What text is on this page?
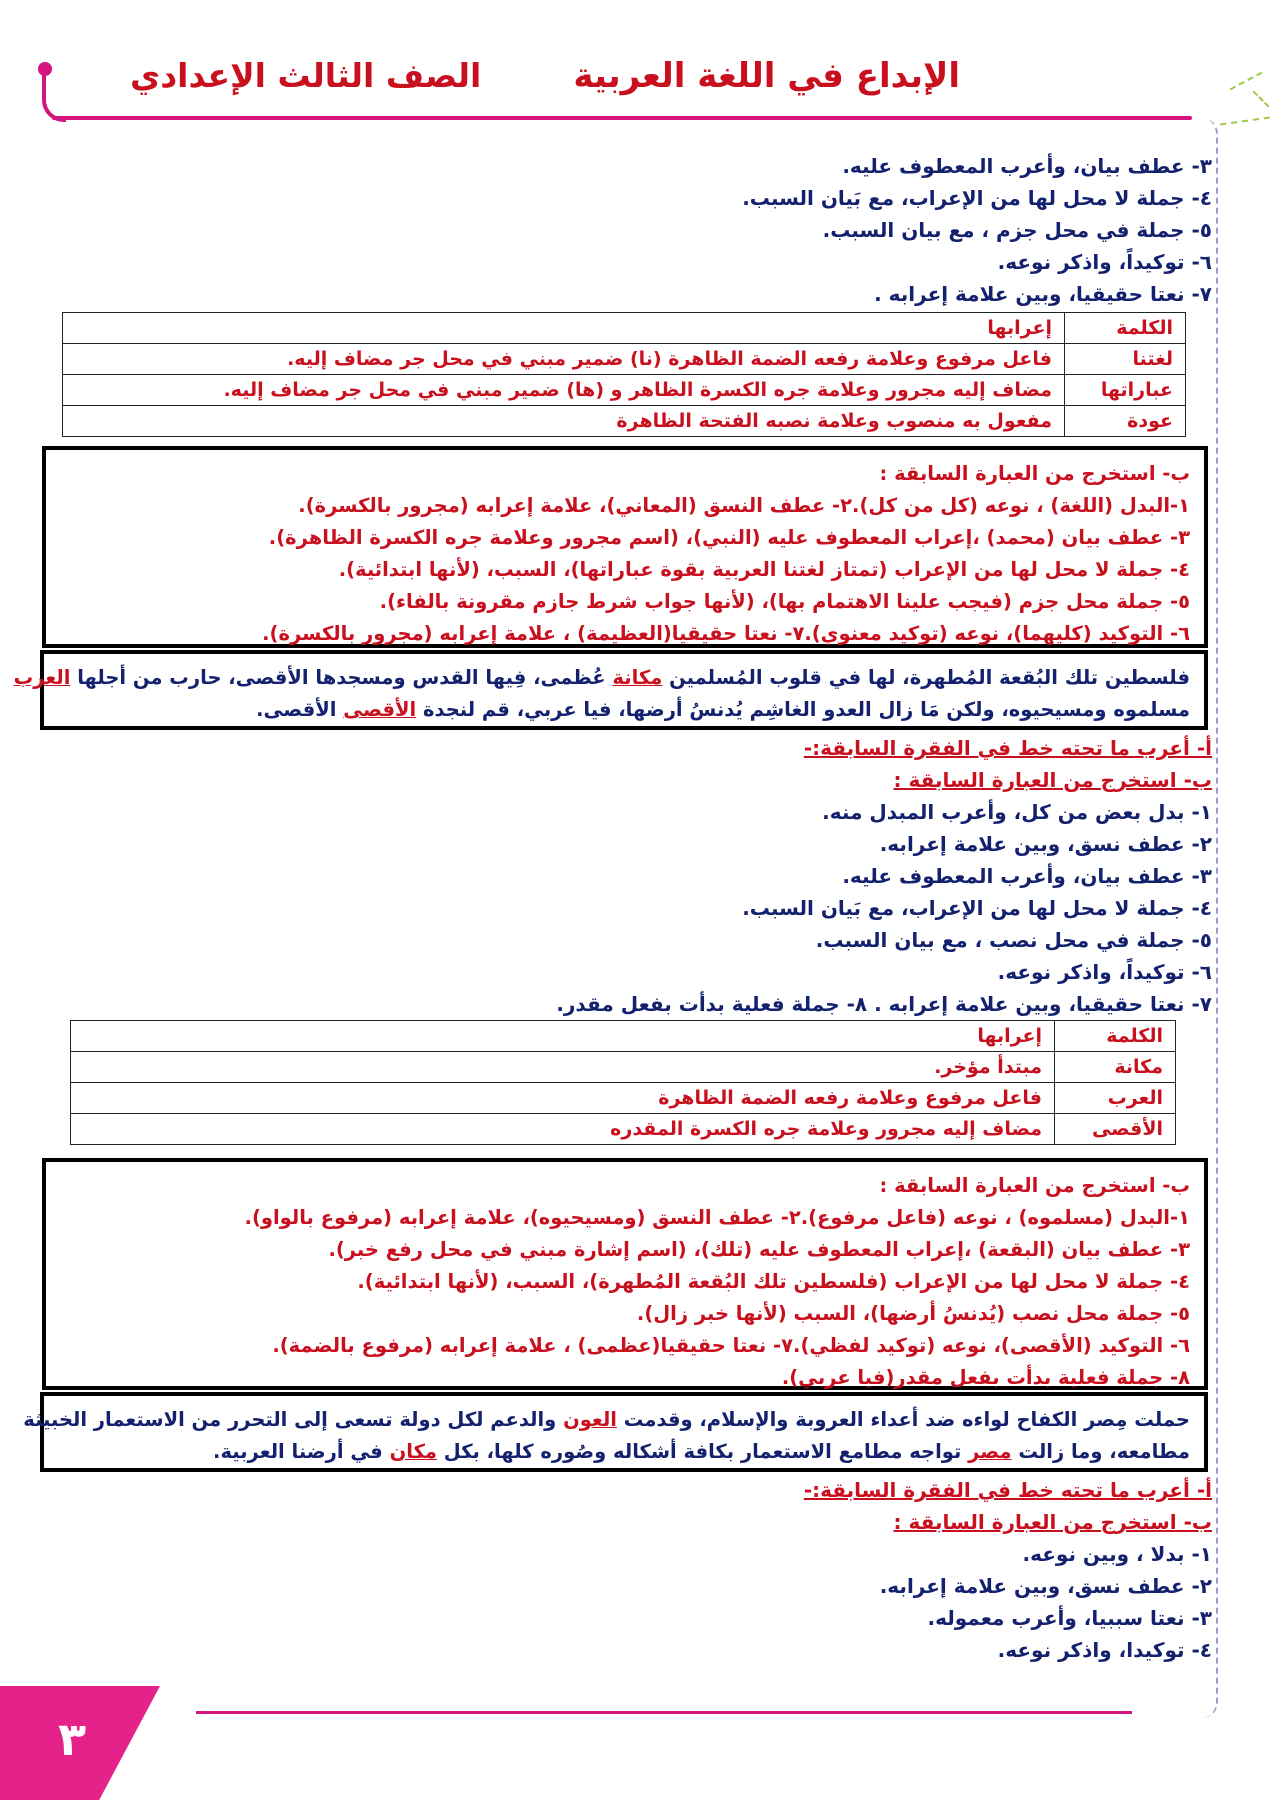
الإبداع في اللغة العربية
الصف الثالث الإعدادي
٣- عطف بيان، وأعرب المعطوف عليه.
٤- جملة لا محل لها من الإعراب، مع بَيان السبب.
٥- جملة في محل جزم ، مع بيان السبب.
٦- توكيداً، واذكر نوعه.
٧- نعتا حقيقيا، وبين علامة إعرابه .
الكلمة	إعرابها
لغتنا	فاعل مرفوع وعلامة رفعه الضمة الظاهرة (نا) ضمير مبني في محل جر مضاف إليه.
عباراتها	مضاف إليه مجرور وعلامة جره الكسرة الظاهر و (ها) ضمير مبني في محل جر مضاف إليه.
عودة	مفعول به منصوب وعلامة نصبه الفتحة الظاهرة
ب- استخرج من العبارة السابقة :
١-البدل (اللغة) ، نوعه (كل من كل).٢- عطف النسق (المعاني)، علامة إعرابه (مجرور بالكسرة).
٣- عطف بيان (محمد) ،إعراب المعطوف عليه (النبي)، (اسم مجرور وعلامة جره الكسرة الظاهرة).
٤- جملة لا محل لها من الإعراب (تمتاز لغتنا العربية بقوة عباراتها)، السبب، (لأنها ابتدائية).
٥- جملة محل جزم (فيجب علينا الاهتمام بها)، (لأنها جواب شرط جازم مقرونة بالفاء).
٦- التوكيد (كليهما)، نوعه (توكيد معنوي).٧- نعتا حقيقيا(العظيمة) ، علامة إعرابه (مجرور بالكسرة).
فلسطين تلك البُقعة المُطهرة، لها في قلوب المُسلمين مكانة عُظمى، فِيها القدس ومسجدها الأقصى، حارب من أجلها العرب
مسلموه ومسيحيوه، ولكن مَا زال العدو الغاشِم يُدنسُ أرضها، فيا عربي، قم لنجدة الأقصى الأقصى.
أ- أعرب ما تحته خط في الفقرة السابقة:-
ب- استخرج من العبارة السابقة :
١- بدل بعض من كل، وأعرب المبدل منه.
٢- عطف نسق، وبين علامة إعرابه.
٣- عطف بيان، وأعرب المعطوف عليه.
٤- جملة لا محل لها من الإعراب، مع بَيان السبب.
٥- جملة في محل نصب ، مع بيان السبب.
٦- توكيداً، واذكر نوعه.
٧- نعتا حقيقيا، وبين علامة إعرابه . ٨- جملة فعلية بدأت بفعل مقدر.
الكلمة	إعرابها
مكانة	مبتدأ مؤخر.
العرب	فاعل مرفوع وعلامة رفعه الضمة الظاهرة
الأقصى	مضاف إليه مجرور وعلامة جره الكسرة المقدره
ب- استخرج من العبارة السابقة :
١-البدل (مسلموه) ، نوعه (فاعل مرفوع).٢- عطف النسق (ومسيحيوه)، علامة إعرابه (مرفوع بالواو).
٣- عطف بيان (البقعة) ،إعراب المعطوف عليه (تلك)، (اسم إشارة مبني في محل رفع خبر).
٤- جملة لا محل لها من الإعراب (فلسطين تلك البُقعة المُطهرة)، السبب، (لأنها ابتدائية).
٥- جملة محل نصب (يُدنسُ أرضها)، السبب (لأنها خبر زال).
٦- التوكيد (الأقصى)، نوعه (توكيد لفظي).٧- نعتا حقيقيا(عظمى) ، علامة إعرابه (مرفوع بالضمة).
٨- جملة فعلية بدأت بفعل مقدر(فيا عربي).
حملت مِصر الكفاح لواءه ضد أعداء العروبة والإسلام، وقدمت العون والدعم لكل دولة تسعى إلى التحرر من الاستعمار الخبيثة
مطامعه، وما زالت مصر تواجه مطامع الاستعمار بكافة أشكاله وصُوره كلها، بكل مكان في أرضنا العربية.
أ- أعرب ما تحته خط في الفقرة السابقة:-
ب- استخرج من العبارة السابقة :
١- بدلا ، وبين نوعه.
٢- عطف نسق، وبين علامة إعرابه.
٣- نعتا سببيا، وأعرب معموله.
٤- توكيدا، واذكر نوعه.
٣
